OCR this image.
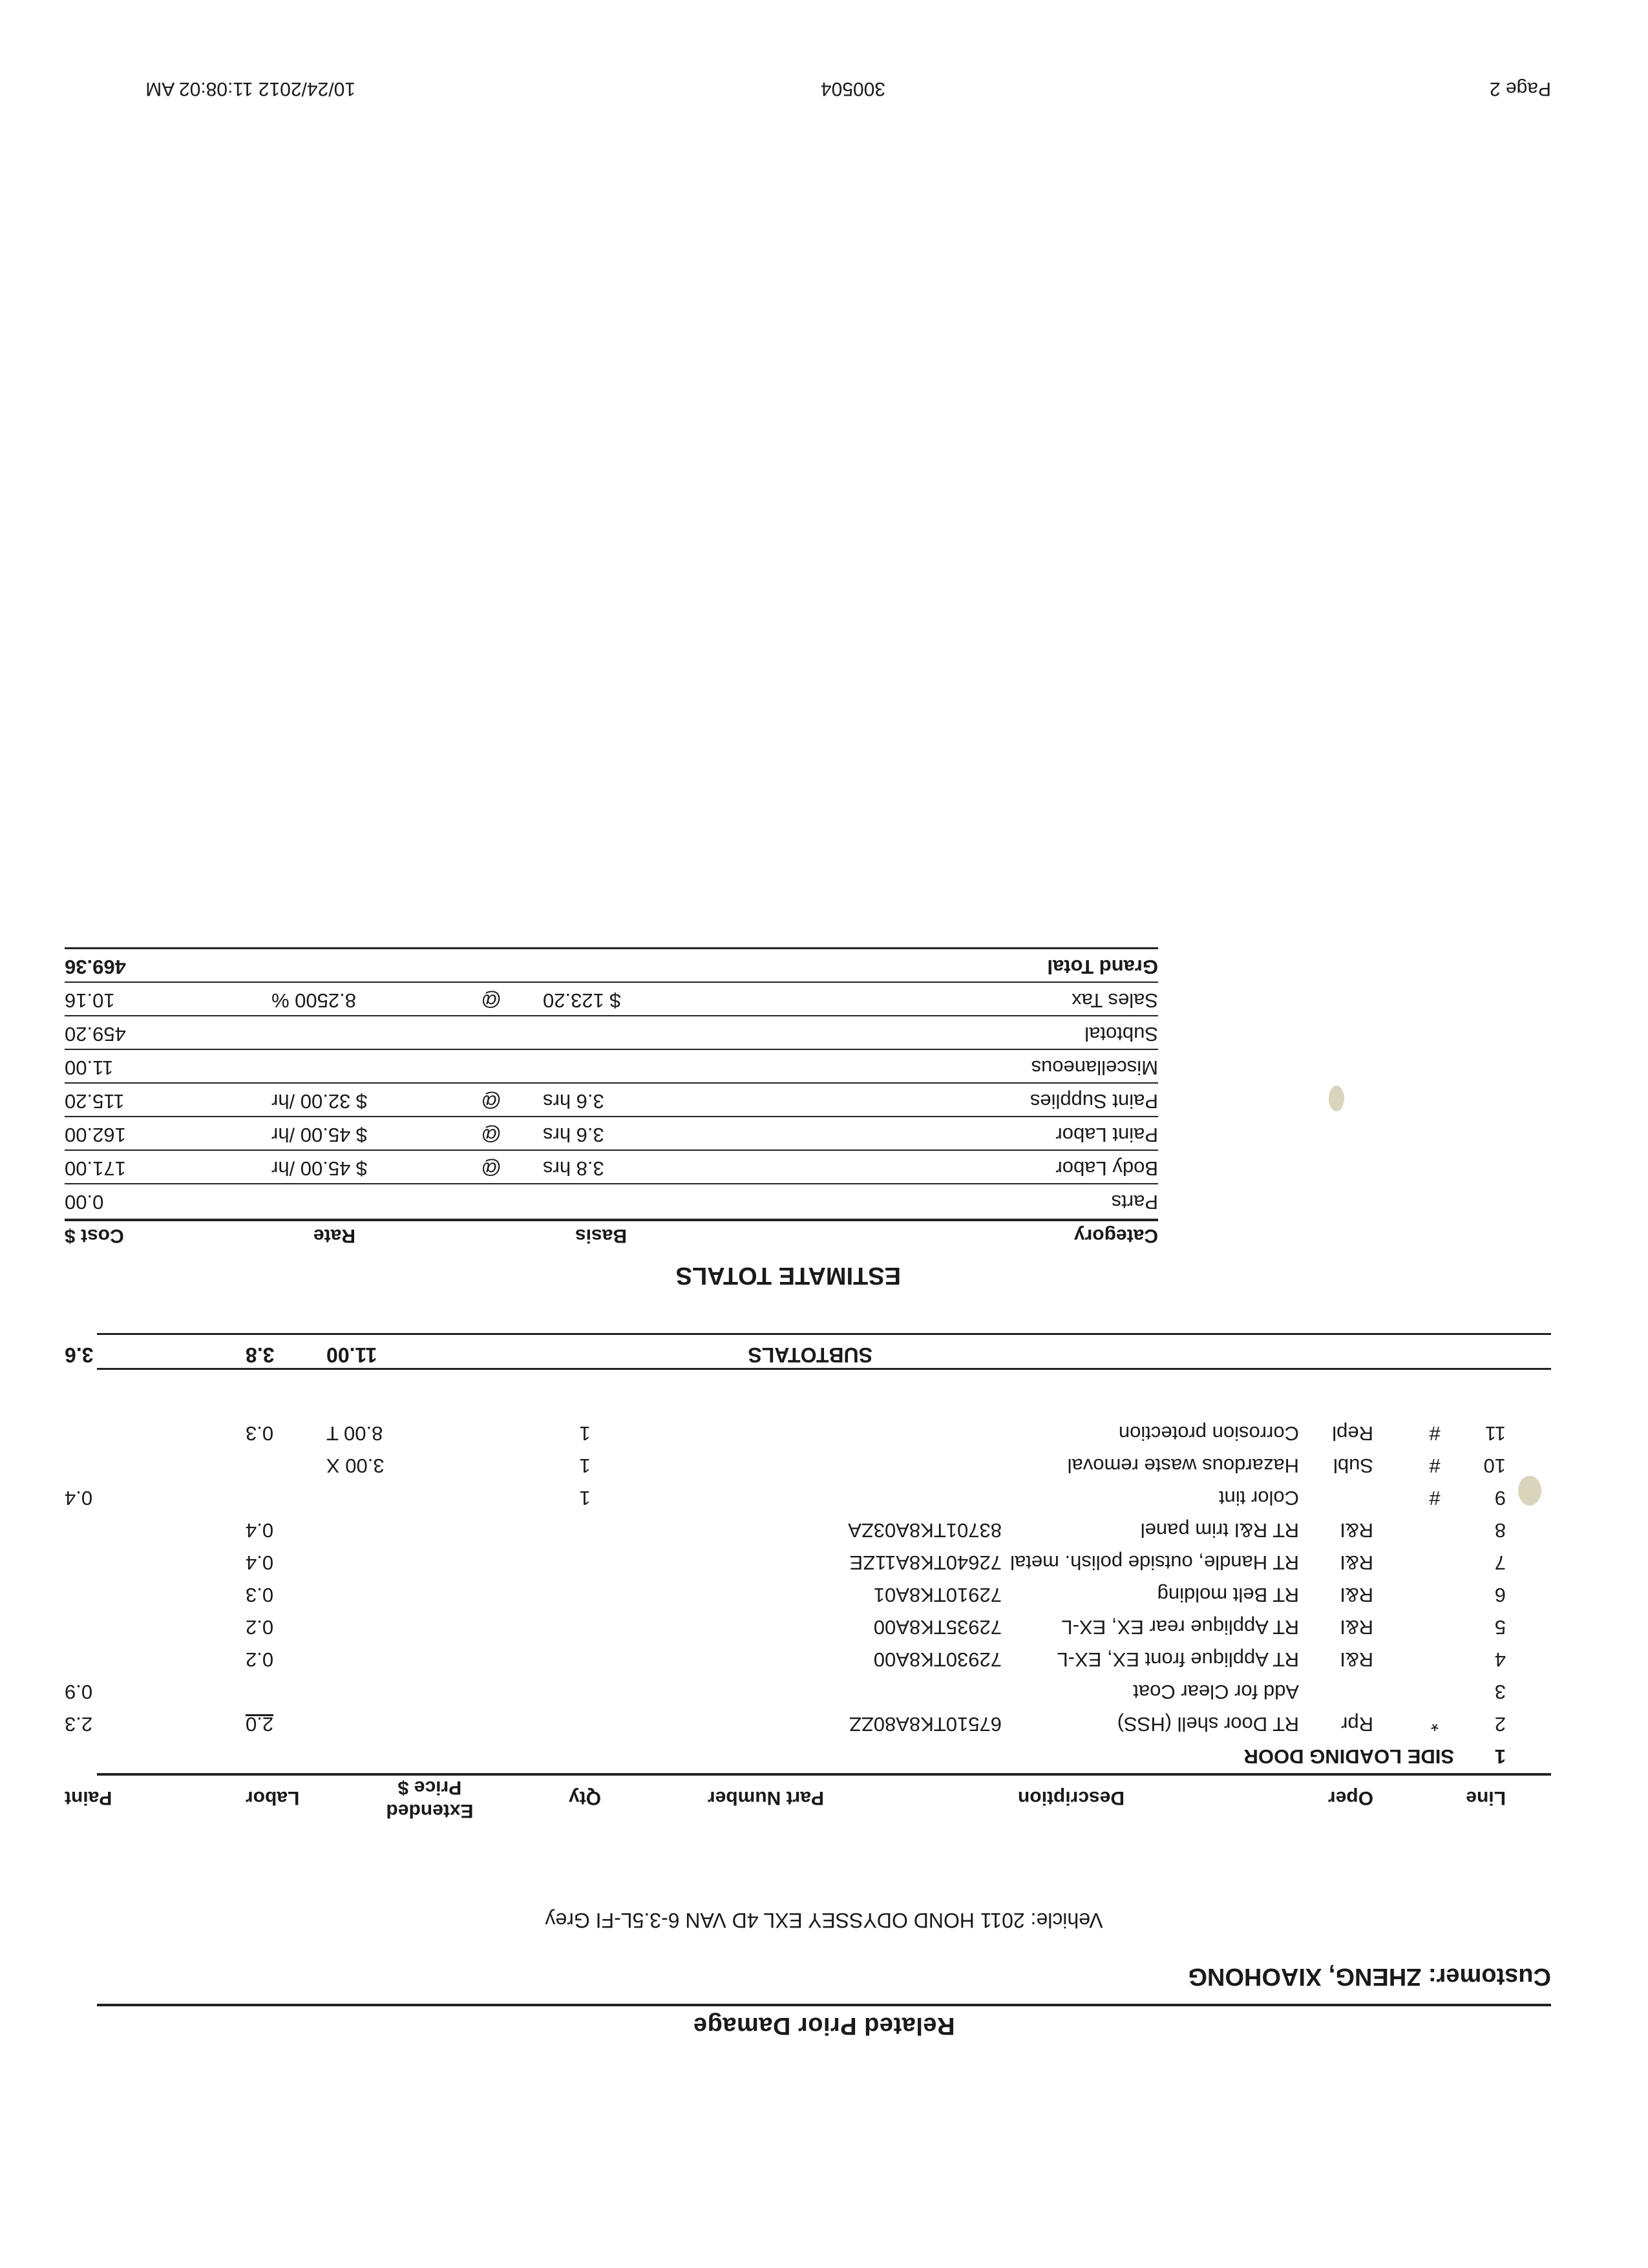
Related Prior Damage
Customer: ZHENG, XIAOHONG
Vehicle: 2011 HOND ODYSSEY EXL 4D VAN 6-3.5L-FI Grey
Line
Oper
Description
Part Number
Qty
Extended
Price $
Labor
Paint
1
SIDE LOADING DOOR
2
*
Rpr
RT Door shell (HSS)
67510TK8A80ZZ
2.0
2.3
3
Add for Clear Coat
0.9
4
R&I
RT Applique front EX, EX-L
72930TK8A00
0.2
5
R&I
RT Applique rear EX, EX-L
72935TK8A00
0.2
6
R&I
RT Belt molding
72910TK8A01
0.3
7
R&I
RT Handle, outside polish. metal
72640TK8A11ZE
0.4
8
R&I
RT R&I trim panel
83701TK8A03ZA
0.4
9
#
Color tint
1
0.4
10
#
Subl
Hazardous waste removal
1
3.00 X
11
#
Repl
Corrosion protection
1
8.00 T
0.3
SUBTOTALS
11.00
3.8
3.6
ESTIMATE TOTALS
Category
Basis
Rate
Cost $
Parts
0.00
Body Labor
3.8 hrs
@
$ 45.00 /hr
171.00
Paint Labor
3.6 hrs
@
$ 45.00 /hr
162.00
Paint Supplies
3.6 hrs
@
$ 32.00 /hr
115.20
Miscellaneous
11.00
Subtotal
459.20
Sales Tax
$ 123.20
@
8.2500 %
10.16
Grand Total
469.36
Page 2
300504
10/24/2012 11:08:02 AM
